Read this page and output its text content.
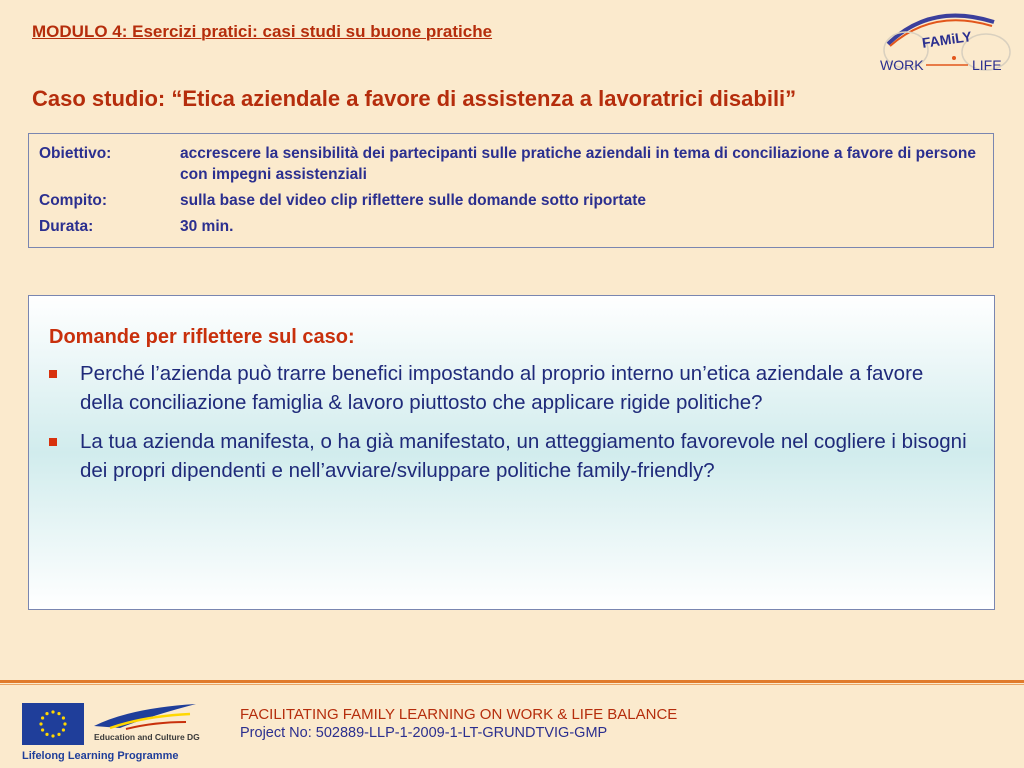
MODULO 4: Esercizi pratici: casi studi su buone pratiche	FAMiLY
WORK	LIFE
Caso studio: “Etica aziendale a favore di assistenza a lavoratrici disabili”
Obiettivo:	accrescere la sensibilità dei partecipanti sulle pratiche aziendali in tema di conciliazione a favore di persone con impegni assistenziali
Compito:	sulla base del video clip riflettere sulle domande sotto riportate
Durata:	30 min.
Domande per riflettere sul caso:
Perché l’azienda può trarre benefici impostando al proprio interno un’etica aziendale a favore della conciliazione famiglia & lavoro piuttosto che applicare rigide politiche?
La tua azienda manifesta, o ha già manifestato, un atteggiamento favorevole nel cogliere i bisogni dei propri dipendenti e nell’avviare/sviluppare politiche family-friendly?
Education and Culture DG
Lifelong Learning Programme
FACILITATING FAMILY LEARNING ON WORK & LIFE BALANCE
Project No: 502889-LLP-1-2009-1-LT-GRUNDTVIG-GMP
